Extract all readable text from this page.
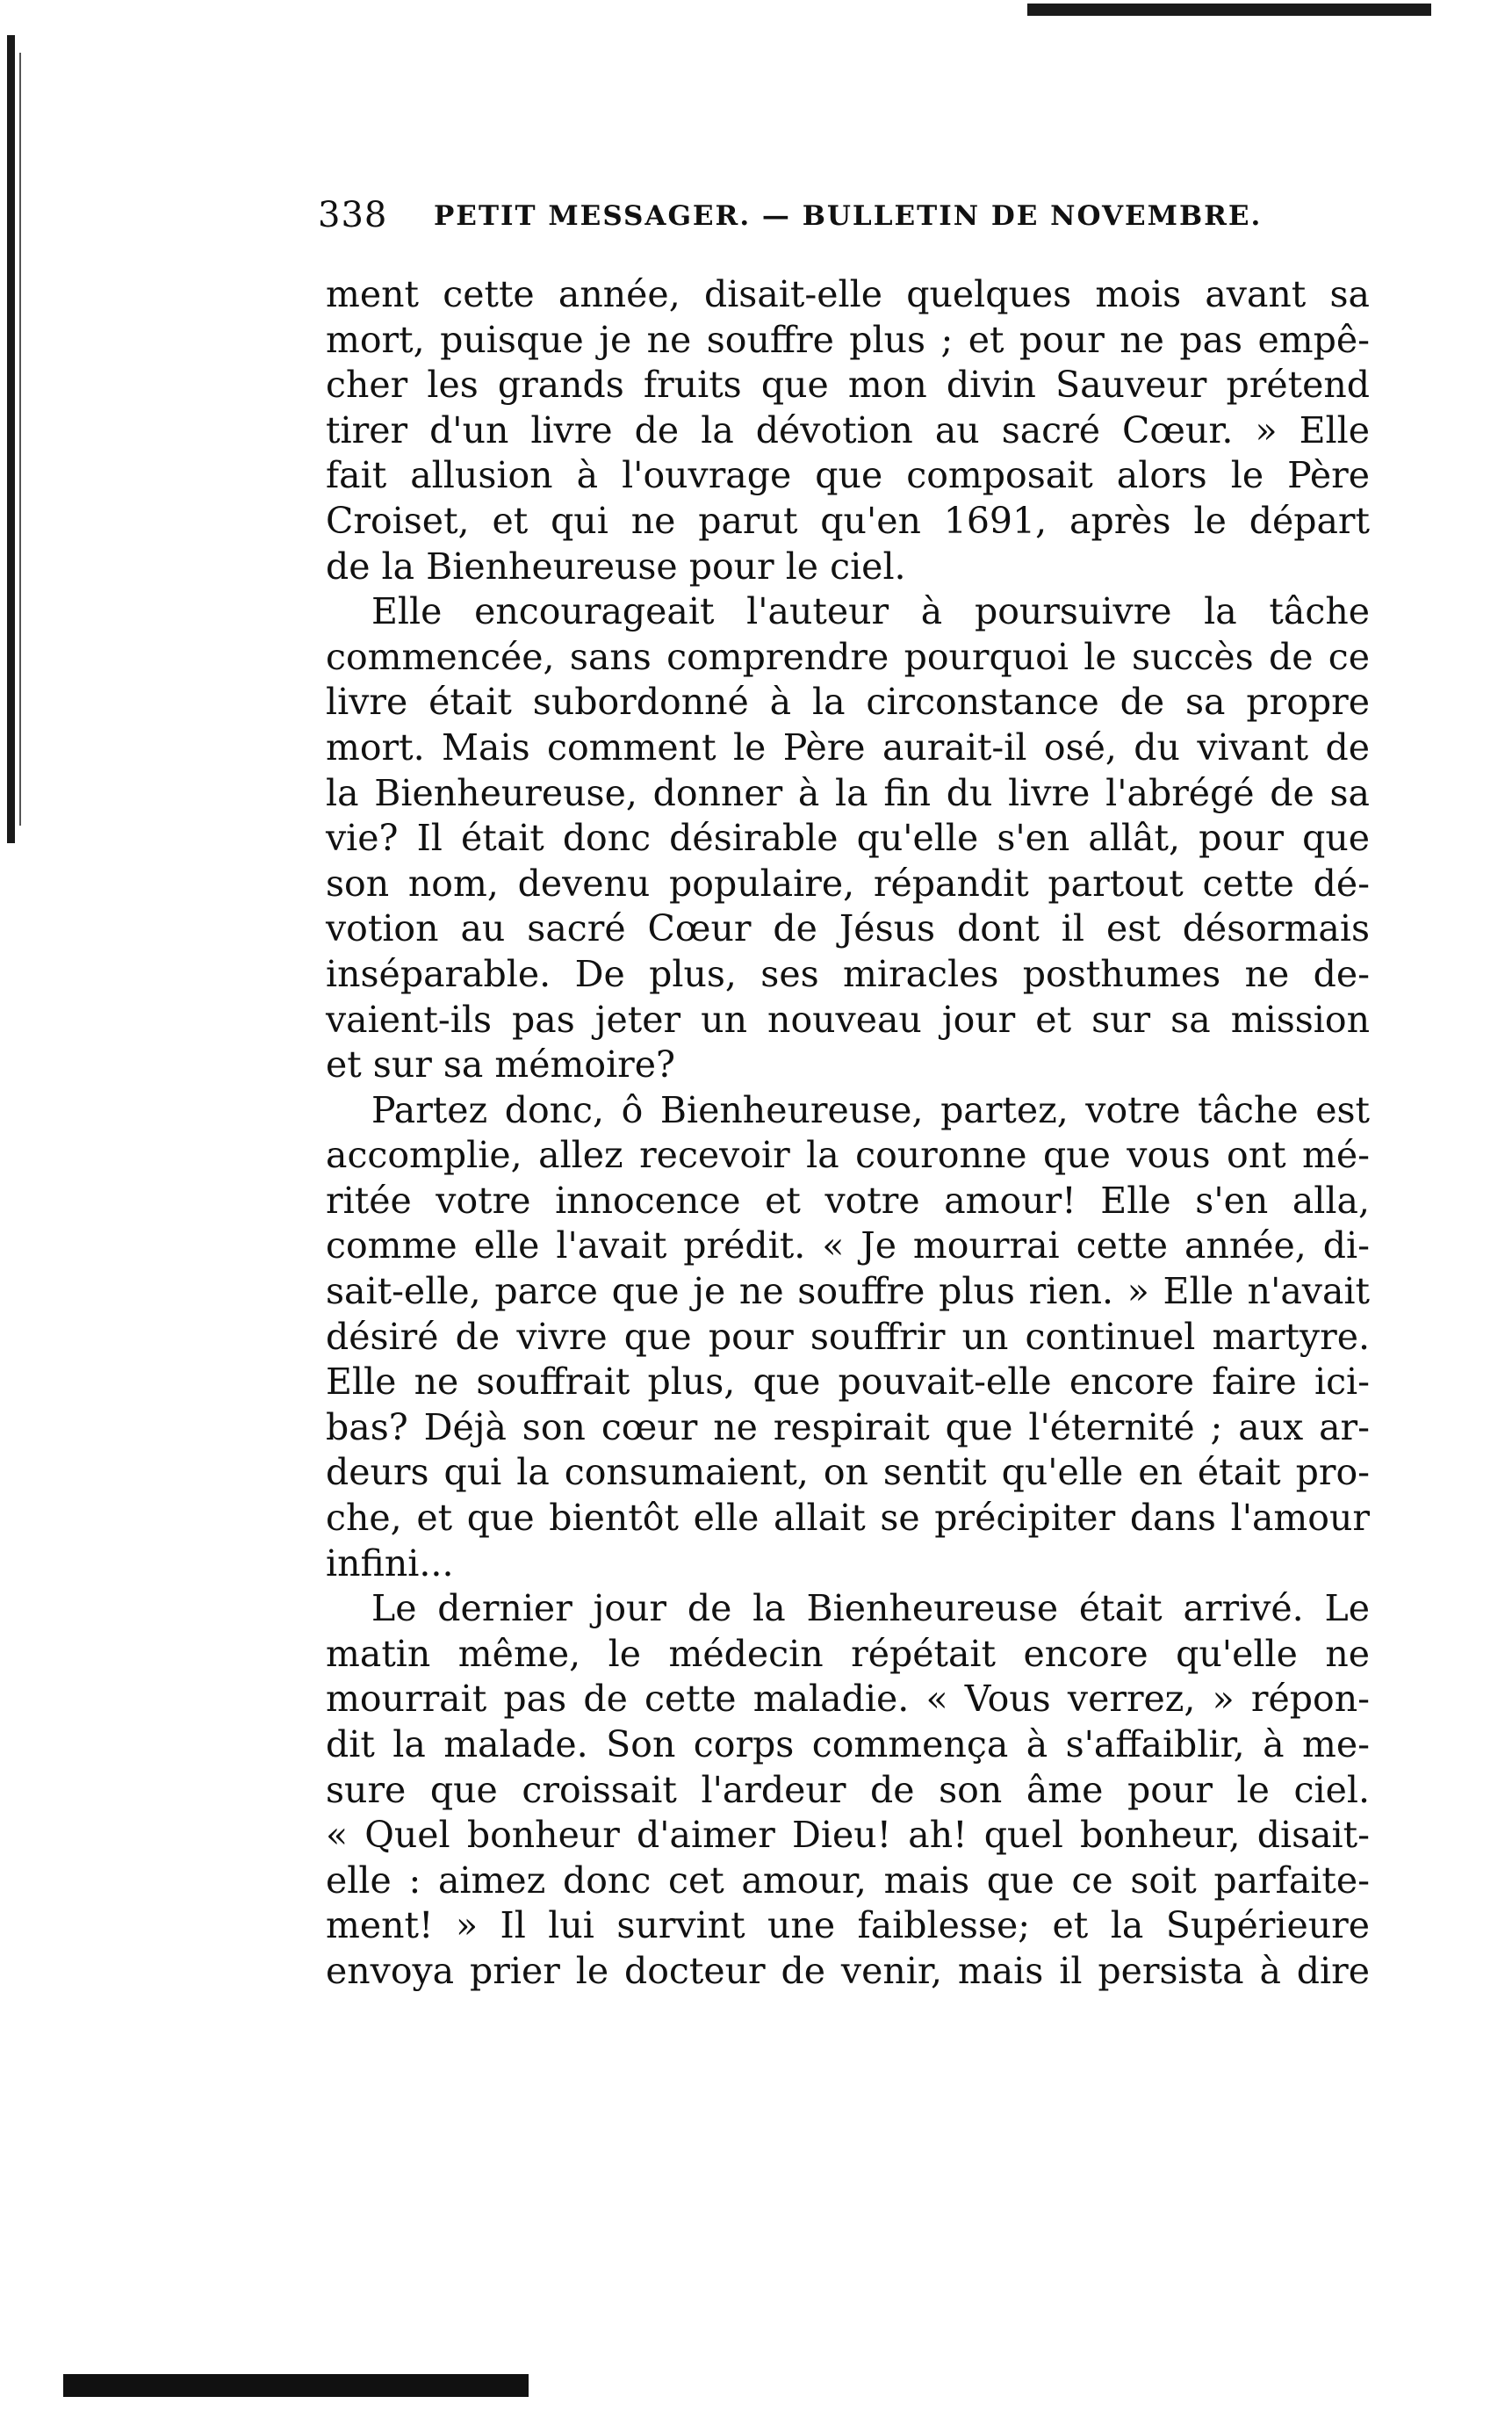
338 PETIT MESSAGER. — BULLETIN DE NOVEMBRE.
ment cette année, disait-elle quelques mois avant sa
mort, puisque je ne souffre plus ; et pour ne pas empê-
cher les grands fruits que mon divin Sauveur prétend
tirer d'un livre de la dévotion au sacré Cœur. » Elle
fait allusion à l'ouvrage que composait alors le Père
Croiset, et qui ne parut qu'en 1691, après le départ
de la Bienheureuse pour le ciel.
Elle encourageait l'auteur à poursuivre la tâche
commencée, sans comprendre pourquoi le succès de ce
livre était subordonné à la circonstance de sa propre
mort. Mais comment le Père aurait-il osé, du vivant de
la Bienheureuse, donner à la fin du livre l'abrégé de sa
vie? Il était donc désirable qu'elle s'en allât, pour que
son nom, devenu populaire, répandit partout cette dé-
votion au sacré Cœur de Jésus dont il est désormais
inséparable. De plus, ses miracles posthumes ne de-
vaient-ils pas jeter un nouveau jour et sur sa mission
et sur sa mémoire?
Partez donc, ô Bienheureuse, partez, votre tâche est
accomplie, allez recevoir la couronne que vous ont mé-
ritée votre innocence et votre amour! Elle s'en alla,
comme elle l'avait prédit. « Je mourrai cette année, di-
sait-elle, parce que je ne souffre plus rien. » Elle n'avait
désiré de vivre que pour souffrir un continuel martyre.
Elle ne souffrait plus, que pouvait-elle encore faire ici-
bas? Déjà son cœur ne respirait que l'éternité ; aux ar-
deurs qui la consumaient, on sentit qu'elle en était pro-
che, et que bientôt elle allait se précipiter dans l'amour
infini...
Le dernier jour de la Bienheureuse était arrivé. Le
matin même, le médecin répétait encore qu'elle ne
mourrait pas de cette maladie. « Vous verrez, » répon-
dit la malade. Son corps commença à s'affaiblir, à me-
sure que croissait l'ardeur de son âme pour le ciel.
« Quel bonheur d'aimer Dieu! ah! quel bonheur, disait-
elle : aimez donc cet amour, mais que ce soit parfaite-
ment! » Il lui survint une faiblesse; et la Supérieure
envoya prier le docteur de venir, mais il persista à dire
